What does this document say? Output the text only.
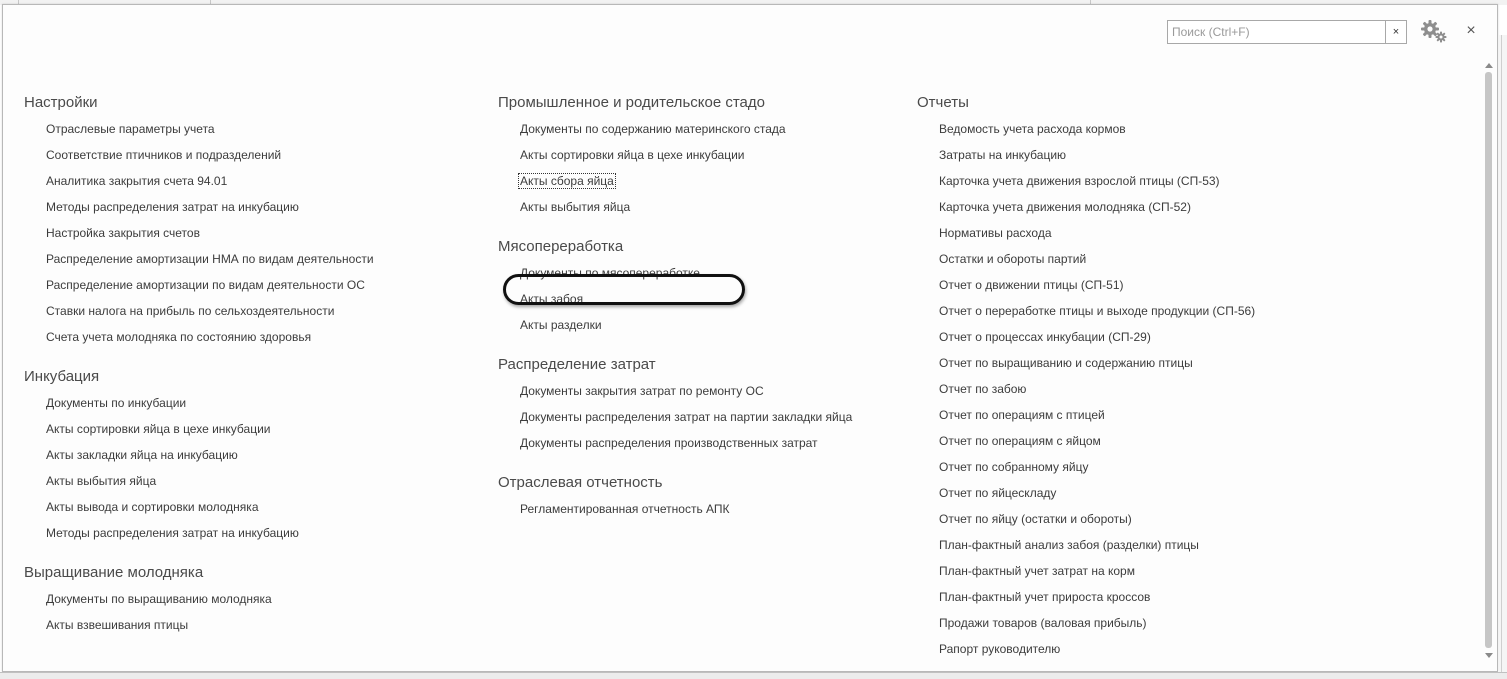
Поиск (Ctrl+F)
×	×
Настройки
Отраслевые параметры учета
Соответствие птичников и подразделений
Аналитика закрытия счета 94.01
Методы распределения затрат на инкубацию
Настройка закрытия счетов
Распределение амортизации НМА по видам деятельности
Распределение амортизации по видам деятельности ОС
Ставки налога на прибыль по сельхоздеятельности
Счета учета молодняка по состоянию здоровья
Инкубация
Документы по инкубации
Акты сортировки яйца в цехе инкубации
Акты закладки яйца на инкубацию
Акты выбытия яйца
Акты вывода и сортировки молодняка
Методы распределения затрат на инкубацию
Выращивание молодняка
Документы по выращиванию молодняка
Акты взвешивания птицы
Промышленное и родительское стадо
Документы по содержанию материнского стада
Акты сортировки яйца в цехе инкубации
Акты сбора яйца
Акты выбытия яйца
Мясопереработка
Документы по мясопереработке
Акты забоя
Акты разделки
Распределение затрат
Документы закрытия затрат по ремонту ОС
Документы распределения затрат на партии закладки яйца
Документы распределения производственных затрат
Отраслевая отчетность
Регламентированная отчетность АПК
Отчеты
Ведомость учета расхода кормов
Затраты на инкубацию
Карточка учета движения взрослой птицы (СП-53)
Карточка учета движения молодняка (СП-52)
Нормативы расхода
Остатки и обороты партий
Отчет о движении птицы (СП-51)
Отчет о переработке птицы и выходе продукции (СП-56)
Отчет о процессах инкубации (СП-29)
Отчет по выращиванию и содержанию птицы
Отчет по забою
Отчет по операциям с птицей
Отчет по операциям с яйцом
Отчет по собранному яйцу
Отчет по яйцескладу
Отчет по яйцу (остатки и обороты)
План-фактный анализ забоя (разделки) птицы
План-фактный учет затрат на корм
План-фактный учет прироста кроссов
Продажи товаров (валовая прибыль)
Рапорт руководителю
